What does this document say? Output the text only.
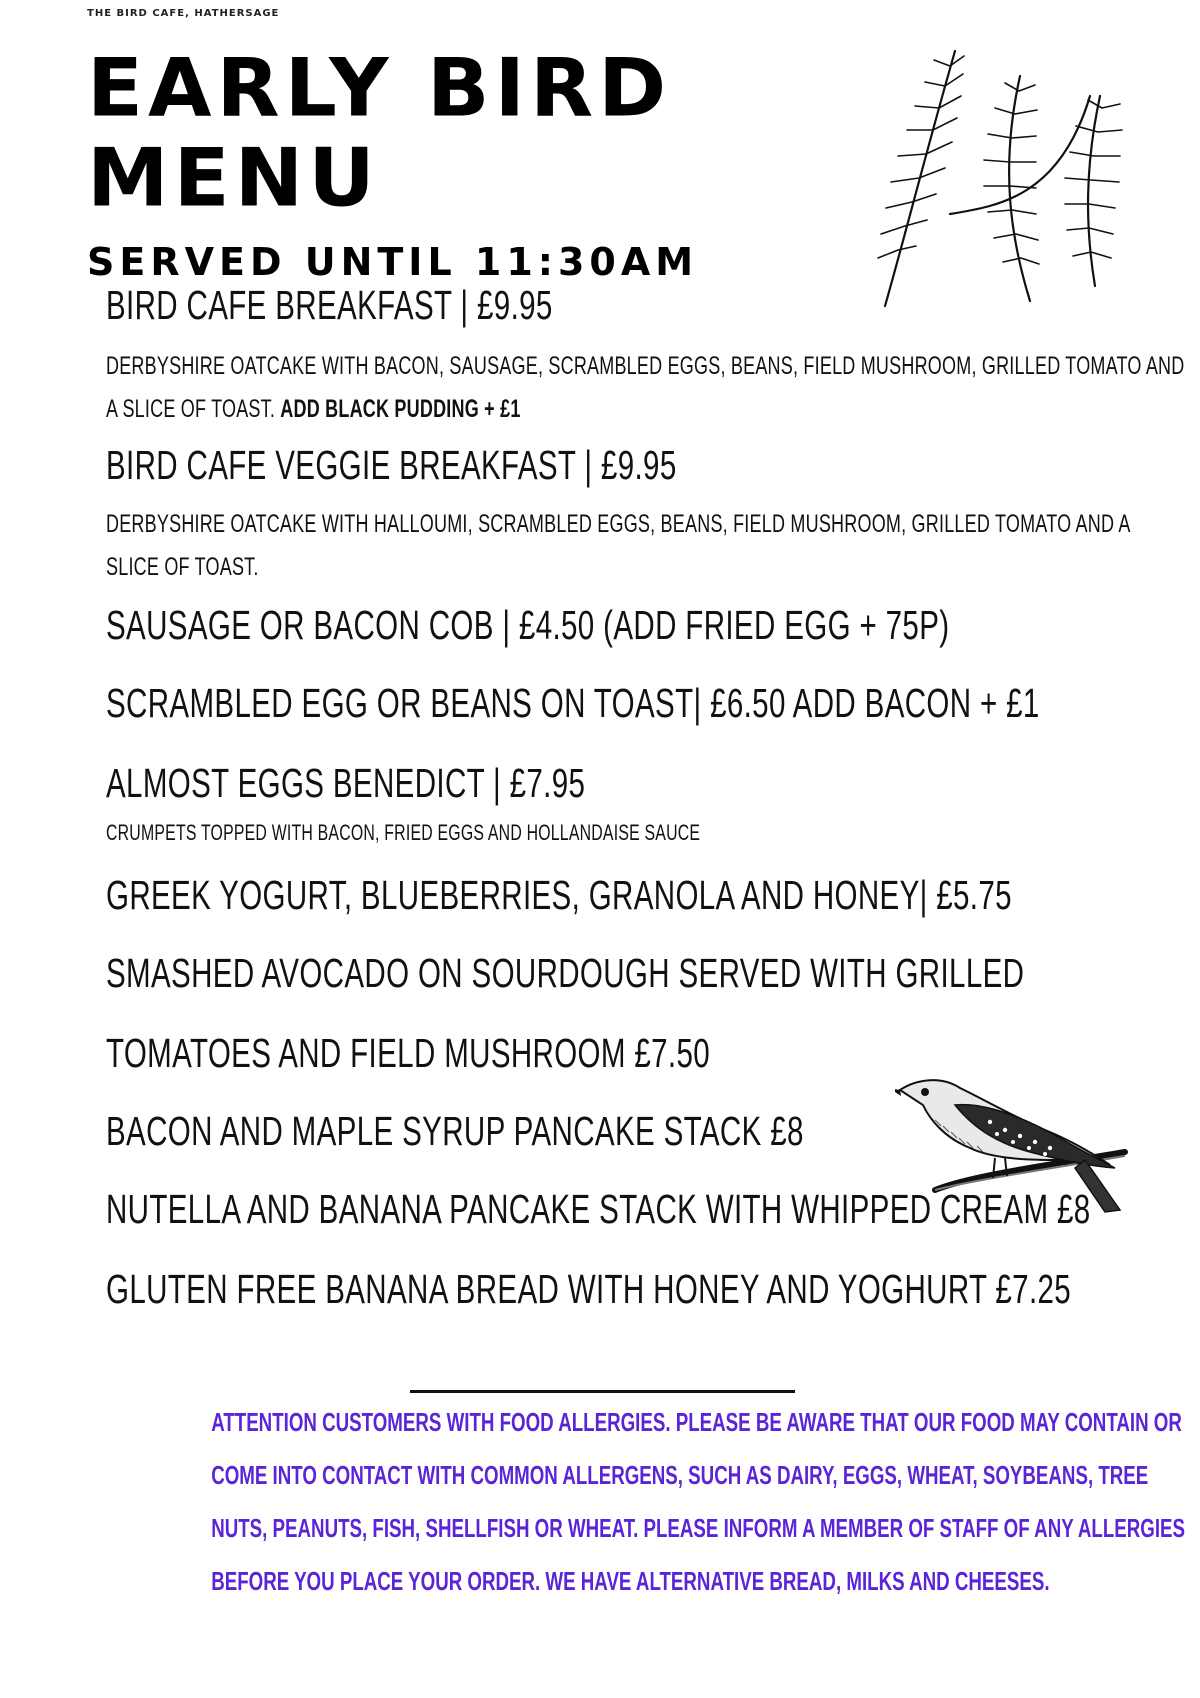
THE BIRD CAFE, HATHERSAGE
EARLY BIRD
MENU
SERVED UNTIL 11:30AM
BIRD CAFE BREAKFAST | £9.95
DERBYSHIRE OATCAKE WITH BACON, SAUSAGE, SCRAMBLED EGGS, BEANS, FIELD MUSHROOM, GRILLED TOMATO AND
A SLICE OF TOAST. ADD BLACK PUDDING + £1
BIRD CAFE VEGGIE BREAKFAST | £9.95
DERBYSHIRE OATCAKE WITH HALLOUMI, SCRAMBLED EGGS, BEANS, FIELD MUSHROOM, GRILLED TOMATO AND A
SLICE OF TOAST.
SAUSAGE OR BACON COB | £4.50 (ADD FRIED EGG + 75P)
SCRAMBLED EGG OR BEANS ON TOAST| £6.50 ADD BACON + £1
ALMOST EGGS BENEDICT | £7.95
CRUMPETS TOPPED WITH BACON, FRIED EGGS AND HOLLANDAISE SAUCE
GREEK YOGURT, BLUEBERRIES, GRANOLA AND HONEY| £5.75
SMASHED AVOCADO ON SOURDOUGH SERVED WITH GRILLED
TOMATOES AND FIELD MUSHROOM £7.50
BACON AND MAPLE SYRUP PANCAKE STACK £8
NUTELLA AND BANANA PANCAKE STACK WITH WHIPPED CREAM £8
GLUTEN FREE BANANA BREAD WITH HONEY AND YOGHURT £7.25
ATTENTION CUSTOMERS WITH FOOD ALLERGIES. PLEASE BE AWARE THAT OUR FOOD MAY CONTAIN OR
COME INTO CONTACT WITH COMMON ALLERGENS, SUCH AS DAIRY, EGGS, WHEAT, SOYBEANS, TREE
NUTS, PEANUTS, FISH, SHELLFISH OR WHEAT. PLEASE INFORM A MEMBER OF STAFF OF ANY ALLERGIES
BEFORE YOU PLACE YOUR ORDER. WE HAVE ALTERNATIVE BREAD, MILKS AND CHEESES.
